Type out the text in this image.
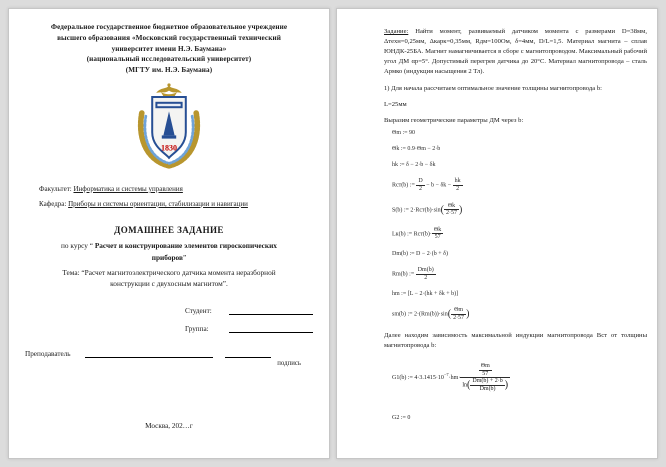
Федеральное государственное бюджетное образовательное учреждение
высшего образования «Московский государственный технический
университет имени Н.Э. Баумана»
(национальный исследовательский университет)
(МГТУ им. Н.Э. Баумана)
1830
Факультет: Информатика и системы управления
Кафедра: Приборы и системы ориентации, стабилизации и навигации
ДОМАШНЕЕ ЗАДАНИЕ
по курсу “ Расчет и конструирование элементов гироскопических приборов”
Тема: “Расчет магнитоэлектрического датчика момента неразборной конструкции с двухосным магнитом”.
Студент:
Группа:
Преподаватель
подпись
Москва, 202…г
Задание: Найти момент, развиваемый датчиком момента с размерами D=38мм, Δтехн=0,25мм, Δкарк=0,35мм, Rдм=100Ом, δ=4мм, D/L=1,5. Материал магнита – сплав ЮНДК-25БА. Магнит намагничивается в сборе с магнитопроводом. Максимальный рабочий угол ДМ αр=5°. Допустимый перегрев датчика до 20°С. Материал магнитопровода – сталь Армко (индукция насыщения 2 Тл).
1) Для начала рассчитаем оптимальное значение толщины магнитопровода b:
L=25мм
Выразим геометрические параметры ДМ через b:
Θm := 90
Θk := 0.9·Θm − 2·b
hk := δ − 2·b − δk
Rст(b) := $\frac{D}{2} - b - \delta k - \frac{hk}{2}$
S(b) := $2\cdot Rст(b)\cdot\sin( \frac{\Theta k}{2\cdot 57}$ )
Lк(b) := $Rст(b)\cdot \frac{\Theta k}{57}$
Dm(b) := D − 2·(b + δ)
Rm(b) := $\frac{Dm(b)}{2}$
hm := [L − 2·(hk + δk + b)]
sm(b) := $2\cdot(Rm(b))\cdot\sin( \frac{\Theta m}{2\cdot 57}$ )
Далее находим зависимость максимальной индукции магнитопровода Bст от толщины магнитопровода b:
G1(b) := $4\cdot 3.1415\cdot 10^{-7}\cdot hm\cdot \frac{\frac{\Theta m}{57}}{\ln( \frac{Dm(b) + 2\cdot b}{Dm(b)} )}$
G2 := 0
